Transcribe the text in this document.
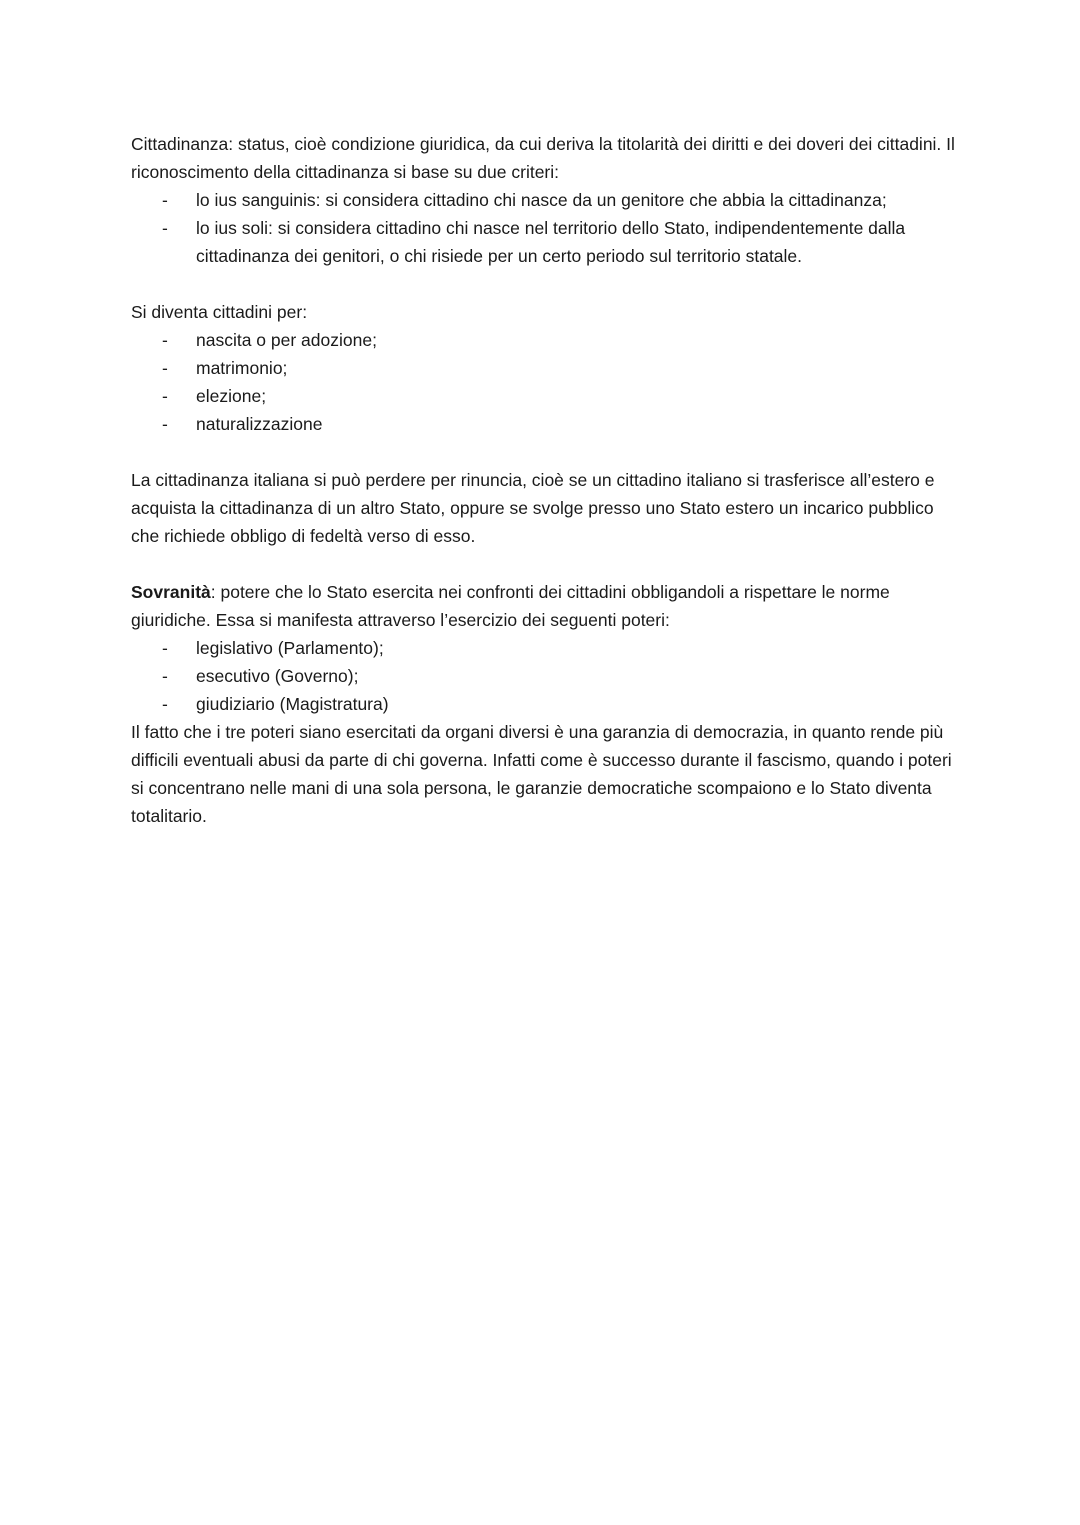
Cittadinanza: status, cioè condizione giuridica, da cui deriva la titolarità dei diritti e dei doveri dei cittadini. Il riconoscimento della cittadinanza si base su due criteri:

- lo ius sanguinis: si considera cittadino chi nasce da un genitore che abbia la cittadinanza;
- lo ius soli: si considera cittadino chi nasce nel territorio dello Stato, indipendentemente dalla cittadinanza dei genitori, o chi risiede per un certo periodo sul territorio statale.

Si diventa cittadini per:

- nascita o per adozione;
- matrimonio;
- elezione;
- naturalizzazione

La cittadinanza italiana si può perdere per rinuncia, cioè se un cittadino italiano si trasferisce all’estero e acquista la cittadinanza di un altro Stato, oppure se svolge presso uno Stato estero un incarico pubblico che richiede obbligo di fedeltà verso di esso.

Sovranità: potere che lo Stato esercita nei confronti dei cittadini obbligandoli a rispettare le norme giuridiche. Essa si manifesta attraverso l’esercizio dei seguenti poteri:

- legislativo (Parlamento);
- esecutivo (Governo);
- giudiziario (Magistratura)

Il fatto che i tre poteri siano esercitati da organi diversi è una garanzia di democrazia, in quanto rende più difficili eventuali abusi da parte di chi governa. Infatti come è successo durante il fascismo, quando i poteri si concentrano nelle mani di una sola persona, le garanzie democratiche scompaiono e lo Stato diventa totalitario.
